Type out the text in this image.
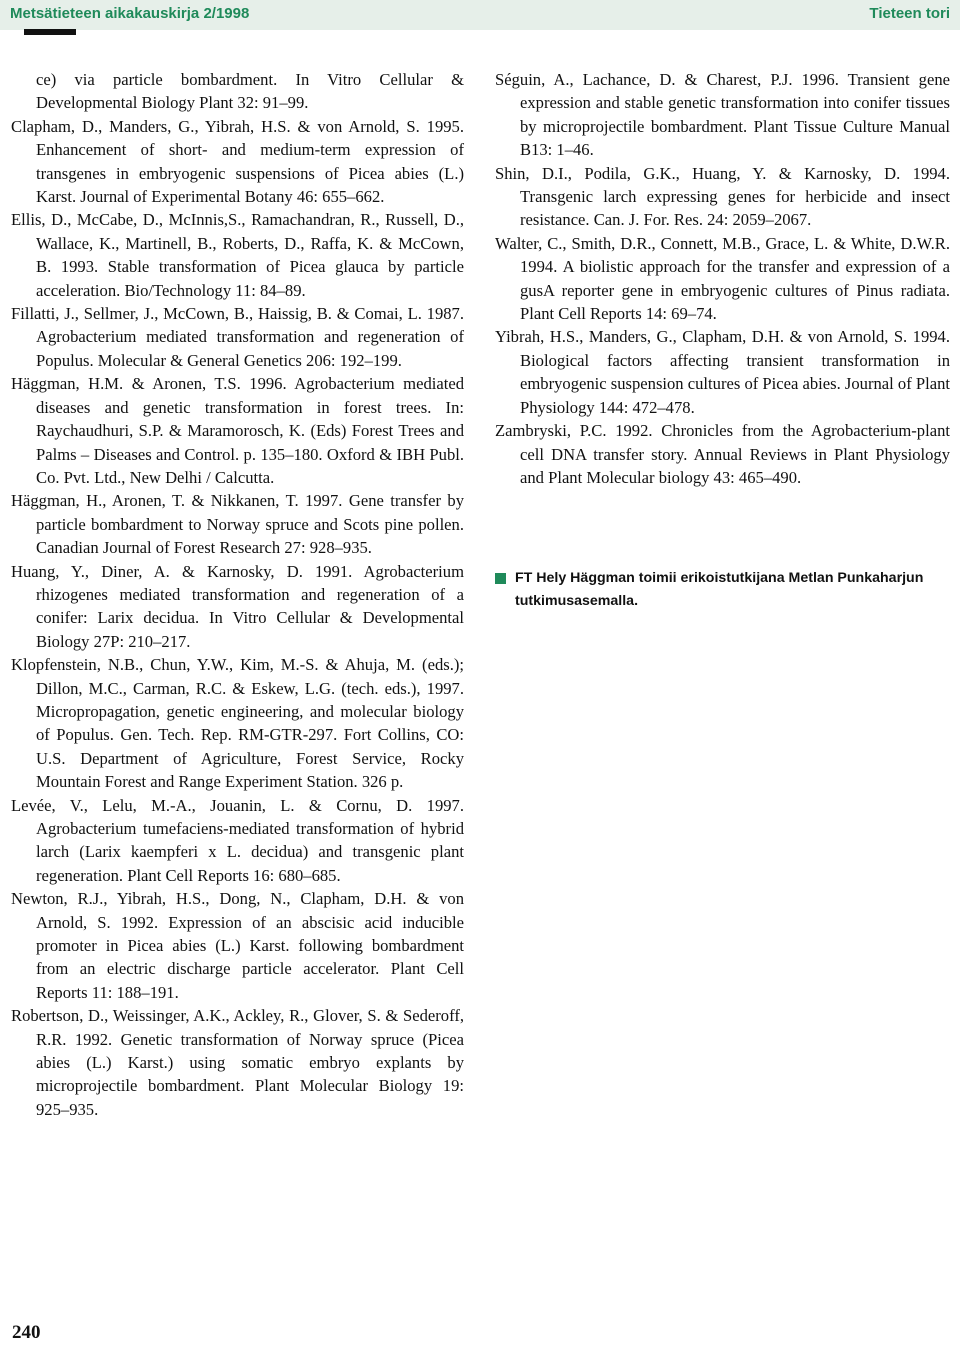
Metsätieteen aikakauskirja 2/1998	Tieteen tori

ce) via particle bombardment. In Vitro Cellular & Developmental Biology Plant 32: 91–99.

Clapham, D., Manders, G., Yibrah, H.S. & von Arnold, S. 1995. Enhancement of short- and medium-term expression of transgenes in embryogenic suspensions of Picea abies (L.) Karst. Journal of Experimental Botany 46: 655–662.

Ellis, D., McCabe, D., McInnis,S., Ramachandran, R., Russell, D., Wallace, K., Martinell, B., Roberts, D., Raffa, K. & McCown, B. 1993. Stable transformation of Picea glauca by particle acceleration. Bio/Technology 11: 84–89.

Fillatti, J., Sellmer, J., McCown, B., Haissig, B. & Comai, L. 1987. Agrobacterium mediated transformation and regeneration of Populus. Molecular & General Genetics 206: 192–199.

Häggman, H.M. & Aronen, T.S. 1996. Agrobacterium mediated diseases and genetic transformation in forest trees. In: Raychaudhuri, S.P. & Maramorosch, K. (Eds) Forest Trees and Palms – Diseases and Control. p. 135–180. Oxford & IBH Publ. Co. Pvt. Ltd., New Delhi / Calcutta.

Häggman, H., Aronen, T. & Nikkanen, T. 1997. Gene transfer by particle bombardment to Norway spruce and Scots pine pollen. Canadian Journal of Forest Research 27: 928–935.

Huang, Y., Diner, A. & Karnosky, D. 1991. Agrobacterium rhizogenes mediated transformation and regeneration of a conifer: Larix decidua. In Vitro Cellular & Developmental Biology 27P: 210–217.

Klopfenstein, N.B., Chun, Y.W., Kim, M.-S. & Ahuja, M. (eds.); Dillon, M.C., Carman, R.C. & Eskew, L.G. (tech. eds.), 1997. Micropropagation, genetic engineering, and molecular biology of Populus. Gen. Tech. Rep. RM-GTR-297. Fort Collins, CO: U.S. Department of Agriculture, Forest Service, Rocky Mountain Forest and Range Experiment Station. 326 p.

Levée, V., Lelu, M.-A., Jouanin, L. & Cornu, D. 1997. Agrobacterium tumefaciens-mediated transformation of hybrid larch (Larix kaempferi x L. decidua) and transgenic plant regeneration. Plant Cell Reports 16: 680–685.

Newton, R.J., Yibrah, H.S., Dong, N., Clapham, D.H. & von Arnold, S. 1992. Expression of an abscisic acid inducible promoter in Picea abies (L.) Karst. following bombardment from an electric discharge particle accelerator. Plant Cell Reports 11: 188–191.

Robertson, D., Weissinger, A.K., Ackley, R., Glover, S. & Sederoff, R.R. 1992. Genetic transformation of Norway spruce (Picea abies (L.) Karst.) using somatic embryo explants by microprojectile bombardment. Plant Molecular Biology 19: 925–935.

Séguin, A., Lachance, D. & Charest, P.J. 1996. Transient gene expression and stable genetic transformation into conifer tissues by microprojectile bombardment. Plant Tissue Culture Manual B13: 1–46.

Shin, D.I., Podila, G.K., Huang, Y. & Karnosky, D. 1994. Transgenic larch expressing genes for herbicide and insect resistance. Can. J. For. Res. 24: 2059–2067.

Walter, C., Smith, D.R., Connett, M.B., Grace, L. & White, D.W.R. 1994. A biolistic approach for the transfer and expression of a gusA reporter gene in embryogenic cultures of Pinus radiata. Plant Cell Reports 14: 69–74.

Yibrah, H.S., Manders, G., Clapham, D.H. & von Arnold, S. 1994. Biological factors affecting transient transformation in embryogenic suspension cultures of Picea abies. Journal of Plant Physiology 144: 472–478.

Zambryski, P.C. 1992. Chronicles from the Agrobacterium-plant cell DNA transfer story. Annual Reviews in Plant Physiology and Plant Molecular biology 43: 465–490.

FT Hely Häggman toimii erikoistutkijana Metlan Punkaharjun tutkimusasemalla.
240
